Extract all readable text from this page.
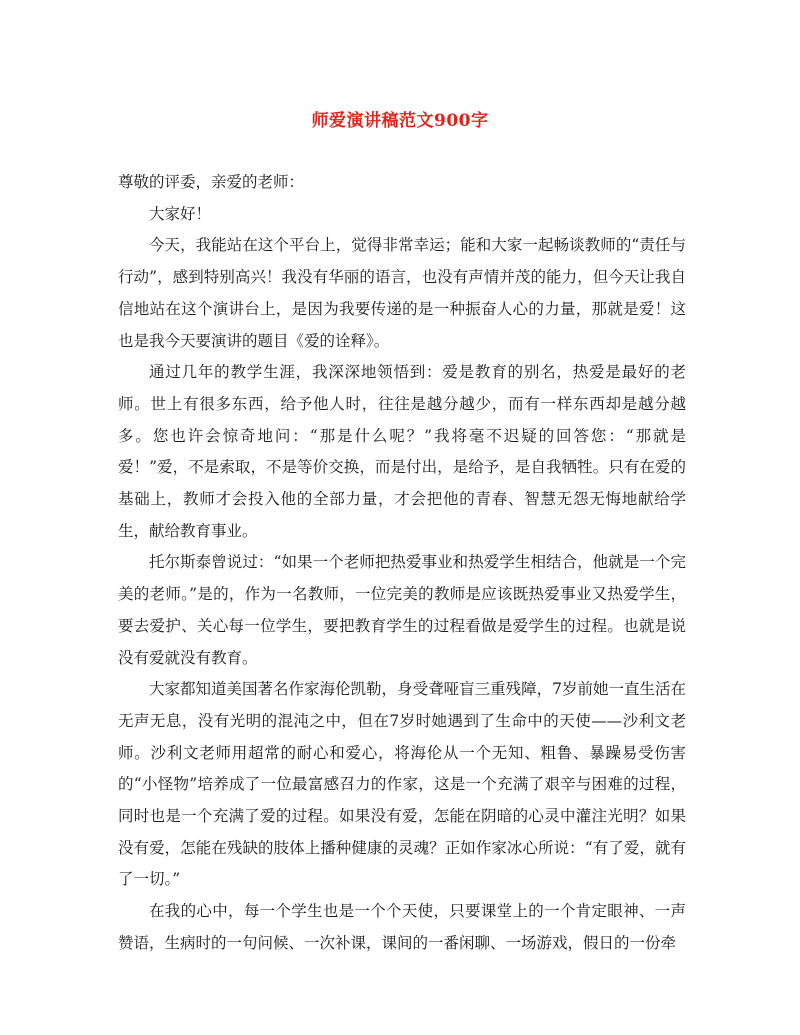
师爱演讲稿范文900字

尊敬的评委，亲爱的老师：

大家好！

今天，我能站在这个平台上，觉得非常幸运；能和大家一起畅谈教师的“责任与行动”，感到特别高兴！我没有华丽的语言，也没有声情并茂的能力，但今天让我自信地站在这个演讲台上，是因为我要传递的是一种振奋人心的力量，那就是爱！这也是我今天要演讲的题目《爱的诠释》。

通过几年的教学生涯，我深深地领悟到：爱是教育的别名，热爱是最好的老师。世上有很多东西，给予他人时，往往是越分越少，而有一样东西却是越分越多。您也许会惊奇地问：“那是什么呢？”我将毫不迟疑的回答您：“那就是爱！”爱，不是索取，不是等价交换，而是付出，是给予，是自我牺牲。只有在爱的基础上，教师才会投入他的全部力量，才会把他的青春、智慧无怨无悔地献给学生，献给教育事业。

托尔斯泰曾说过：“如果一个老师把热爱事业和热爱学生相结合，他就是一个完美的老师。”是的，作为一名教师，一位完美的教师是应该既热爱事业又热爱学生，要去爱护、关心每一位学生，要把教育学生的过程看做是爱学生的过程。也就是说没有爱就没有教育。

大家都知道美国著名作家海伦凯勒，身受聋哑盲三重残障，7岁前她一直生活在无声无息，没有光明的混沌之中，但在7岁时她遇到了生命中的天使——沙利文老师。沙利文老师用超常的耐心和爱心，将海伦从一个无知、粗鲁、暴躁易受伤害的“小怪物”培养成了一位最富感召力的作家，这是一个充满了艰辛与困难的过程，同时也是一个充满了爱的过程。如果没有爱，怎能在阴暗的心灵中灌注光明？如果没有爱，怎能在残缺的肢体上播种健康的灵魂？正如作家冰心所说：“有了爱，就有了一切。”

在我的心中，每一个学生也是一个个天使，只要课堂上的一个肯定眼神、一声赞语，生病时的一句问候、一次补课，课间的一番闲聊、一场游戏，假日的一份牵
